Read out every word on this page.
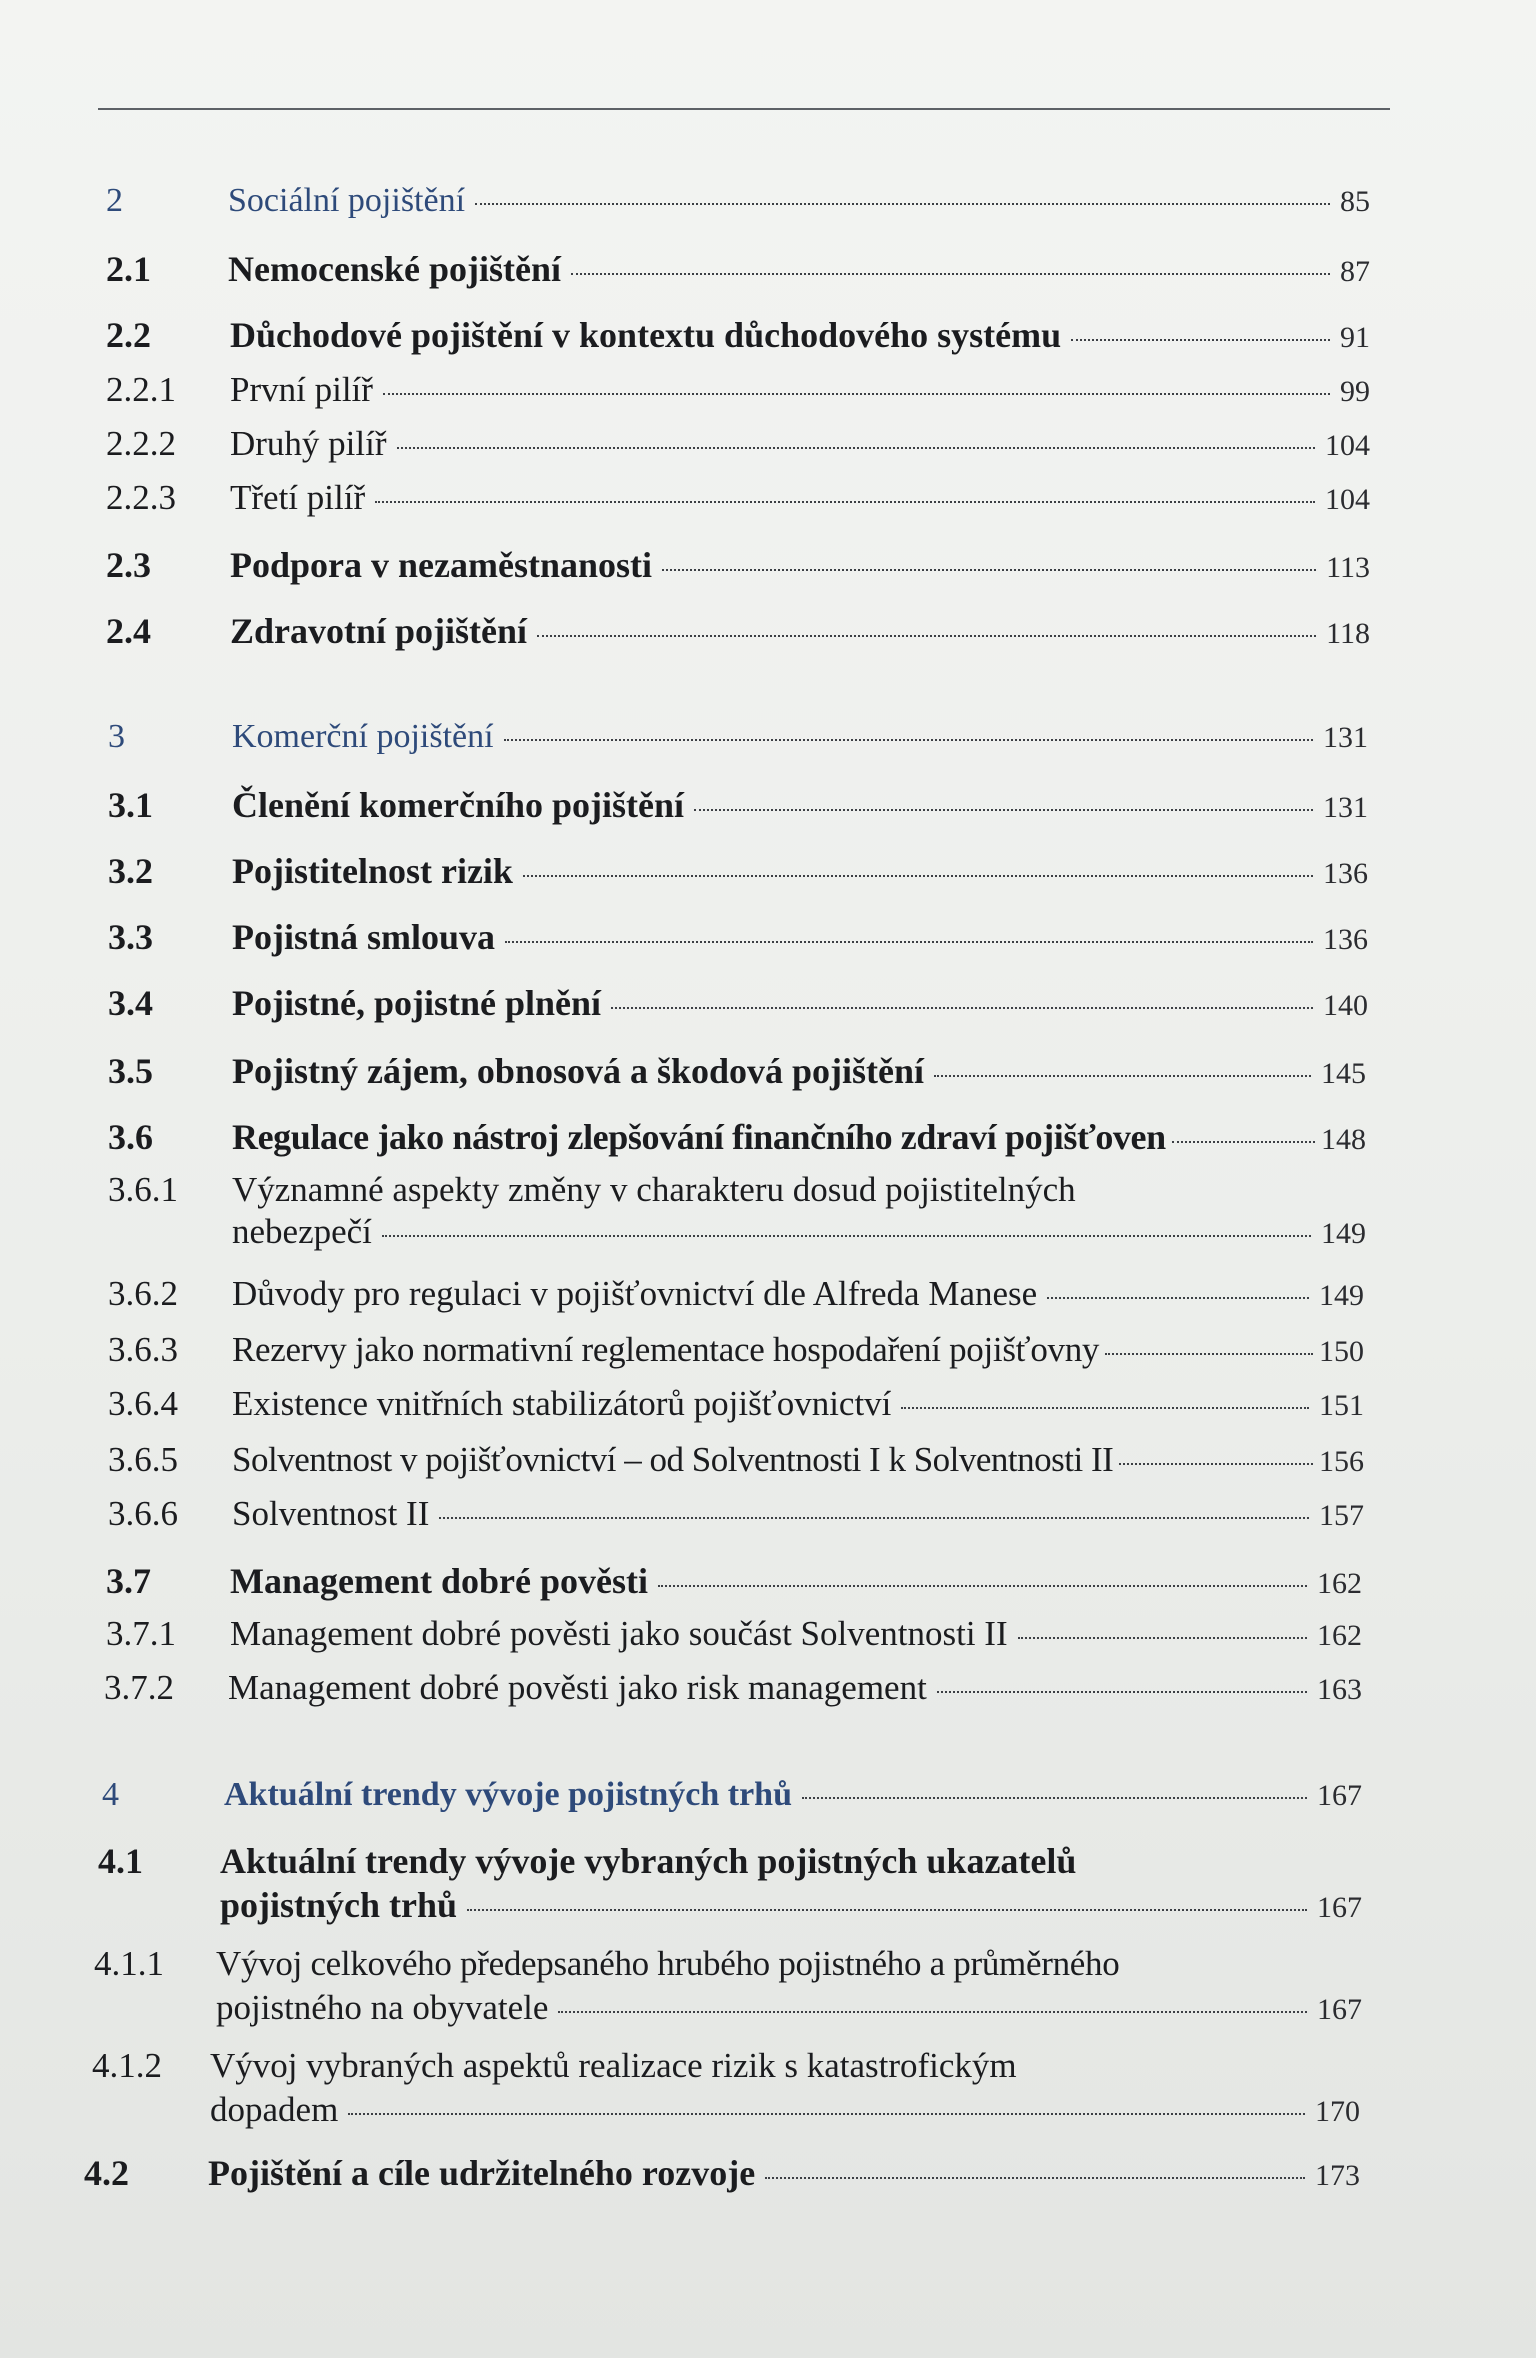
2	Sociální pojištění	85
2.1	Nemocenské pojištění	87
2.2	Důchodové pojištění v kontextu důchodového systému	91
2.2.1	První pilíř	99
2.2.2	Druhý pilíř	104
2.2.3	Třetí pilíř	104
2.3	Podpora v nezaměstnanosti	113
2.4	Zdravotní pojištění	118
3	Komerční pojištění	131
3.1	Členění komerčního pojištění	131
3.2	Pojistitelnost rizik	136
3.3	Pojistná smlouva	136
3.4	Pojistné, pojistné plnění	140
3.5	Pojistný zájem, obnosová a škodová pojištění	145
3.6	Regulace jako nástroj zlepšování finančního zdraví pojišťoven	148
3.6.1 Významné aspekty změny v charakteru dosud pojistitelných
nebezpečí	149
3.6.2	Důvody pro regulaci v pojišťovnictví dle Alfreda Manese	149
3.6.3	Rezervy jako normativní reglementace hospodaření pojišťovny	150
3.6.4	Existence vnitřních stabilizátorů pojišťovnictví	151
3.6.5	Solventnost v pojišťovnictví – od Solventnosti I k Solventnosti II	156
3.6.6	Solventnost II	157
3.7	Management dobré pověsti	162
3.7.1	Management dobré pověsti jako součást Solventnosti II	162
3.7.2	Management dobré pověsti jako risk management	163
4	Aktuální trendy vývoje pojistných trhů	167
4.1 Aktuální trendy vývoje vybraných pojistných ukazatelů
pojistných trhů	167
4.1.1 Vývoj celkového předepsaného hrubého pojistného a průměrného
pojistného na obyvatele	167
4.1.2 Vývoj vybraných aspektů realizace rizik s katastrofickým
dopadem	170
4.2	Pojištění a cíle udržitelného rozvoje	173
